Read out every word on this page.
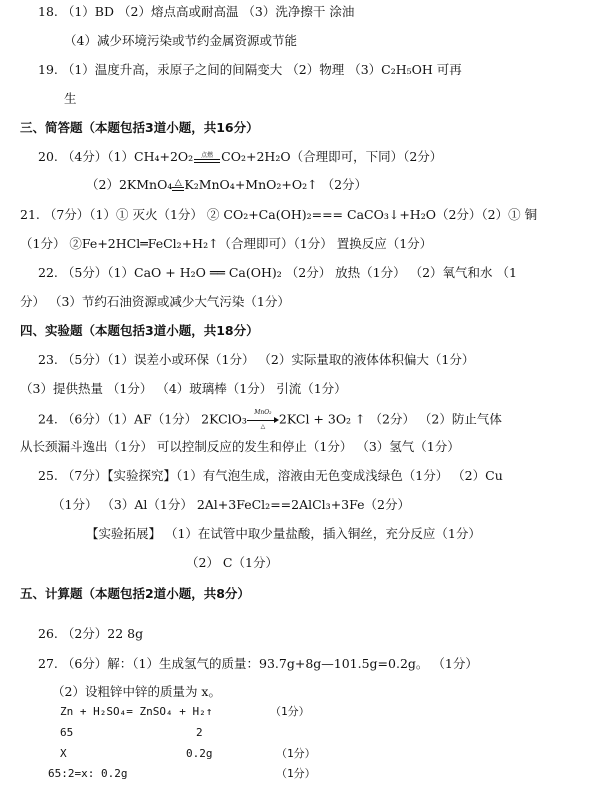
18. （1）BD （2）熔点高或耐高温 （3）洗净擦干 涂油
（4）减少环境污染或节约金属资源或节能
19. （1）温度升高，汞原子之间的间隔变大 （2）物理 （3）C₂H₅OH 可再
生
三、简答题（本题包括3道小题，共16分）
20. （4分）（1）CH₄+2O₂	点燃 CO₂+2H₂O（合理即可，下同）（2分）
（2）2KMnO₄ △ K₂MnO₄+MnO₂+O₂↑ （2分）
21. （7分）（1）① 灭火（1分） ② CO₂+Ca(OH)₂=== CaCO₃↓+H₂O（2分）（2）① 铜
（1分） ②Fe+2HCl═FeCl₂+H₂↑（合理即可）（1分） 置换反应（1分）
22. （5分）（1）CaO + H₂O ══ Ca(OH)₂ （2分） 放热（1分） （2）氧气和水 （1
分） （3）节约石油资源或减少大气污染（1分）
四、实验题（本题包括3道小题，共18分）
23. （5分）（1）误差小或环保（1分） （2）实际量取的液体体积偏大（1分）
（3）提供热量 （1分） （4）玻璃棒（1分） 引流（1分）
24. （6分）（1）AF（1分） 2KClO₃	MnO₂
△	2KCl + 3O₂ ↑ （2分） （2）防止气体
从长颈漏斗逸出（1分） 可以控制反应的发生和停止（1分） （3）氢气（1分）
25. （7分）【实验探究】（1）有气泡生成，溶液由无色变成浅绿色（1分） （2）Cu
（1分） （3）Al（1分） 2Al+3FeCl₂==2AlCl₃+3Fe（2分）
【实验拓展】 （1）在试管中取少量盐酸，插入铜丝，充分反应（1分）
（2） C（1分）
五、计算题（本题包括2道小题，共8分）
26. （2分）22 8g
27. （6分）解：（1）生成氢气的质量：93.7g+8g—101.5g=0.2g。 （1分）
（2）设粗锌中锌的质量为 x。
Zn + H₂SO₄= ZnSO₄ + H₂↑	（1分）
65	2
X	0.2g	（1分）
65:2=x: 0.2g	（1分）
